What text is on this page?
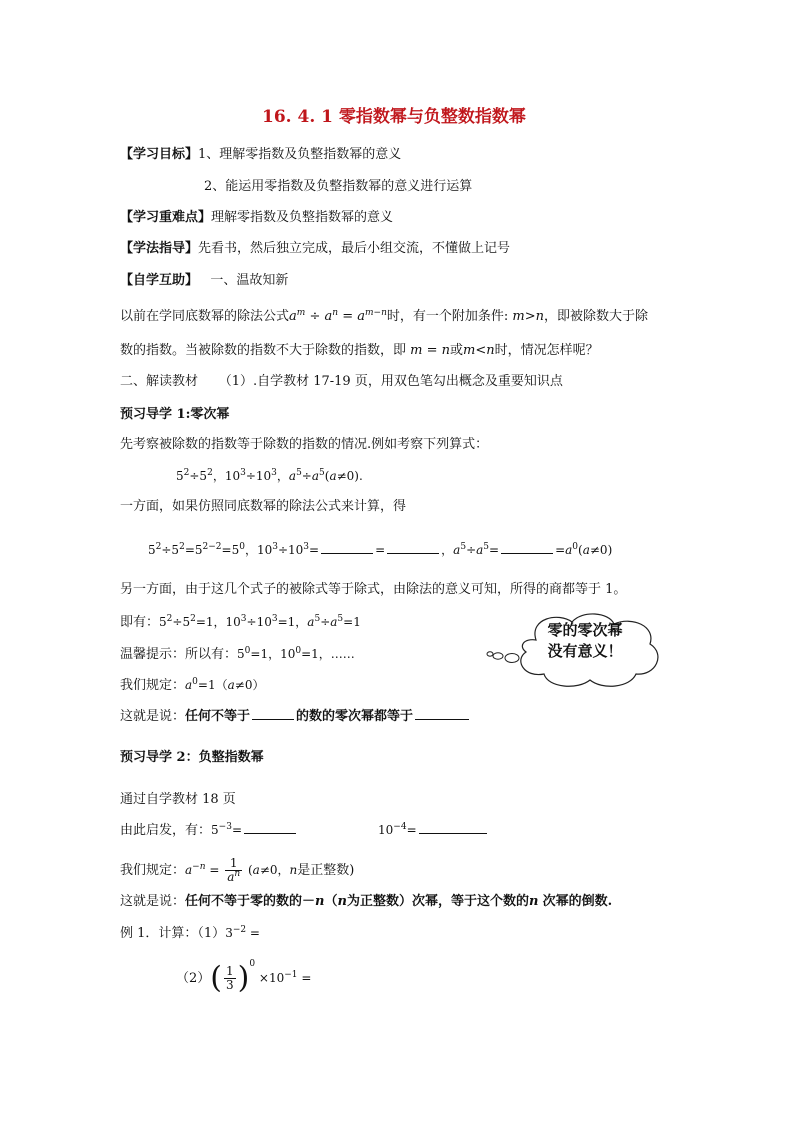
16. 4. 1 零指数幂与负整数指数幂
【学习目标】1、理解零指数及负整指数幂的意义
2、能运用零指数及负整指数幂的意义进行运算
【学习重难点】理解零指数及负整指数幂的意义
【学法指导】先看书，然后独立完成，最后小组交流，不懂做上记号
【自学互助】 一、温故知新
以前在学同底数幂的除法公式$a^m \div a^n = a^{m-n}$时，有一个附加条件: m>n，即被除数大于除
数的指数。当被除数的指数不大于除数的指数，即 m = n或m<n时，情况怎样呢？
二、解读教材 （1）.自学教材 17-19 页，用双色笔勾出概念及重要知识点
预习导学 1:零次幂
先考察被除数的指数等于除数的指数的情况.例如考察下列算式：
$5^2\div 5^2$，$10^3\div 10^3$，$a^5\div a^5(a\ne 0)$.
一方面，如果仿照同底数幂的除法公式来计算，得
$5^2\div 5^2=5^{2-2}=5^0$，$10^3\div 10^3=$	=	，$a^5\div a^5=$	$=a^0(a\ne 0)$
另一方面，由于这几个式子的被除式等于除式，由除法的意义可知，所得的商都等于 1。
即有：$5^2\div 5^2=1$，$10^3\div 10^3=1$，$a^5\div a^5=1$
温馨提示：所以有：$5^0=1$，$10^0=1$，……
我们规定：$a^0=1(a\ne 0)$
这就是说：任何不等于	的数的零次幂都等于
零的零次幂
没有意义！
预习导学 2：负整指数幂
通过自学教材 18 页
由此启发，有：$5^{-3}=$	$10^{-4}=$
我们规定：$a^{-n} = \frac{1}{a^n} (a\ne 0$，n是正整数)
这就是说：任何不等于零的数的－n（n为正整数）次幂，等于这个数的n 次幂的倒数.
例 1．计算：$(1)3^{-2}$ =
$(2)( \frac{1}{3} )^0 \times 10^{-1}$ =
